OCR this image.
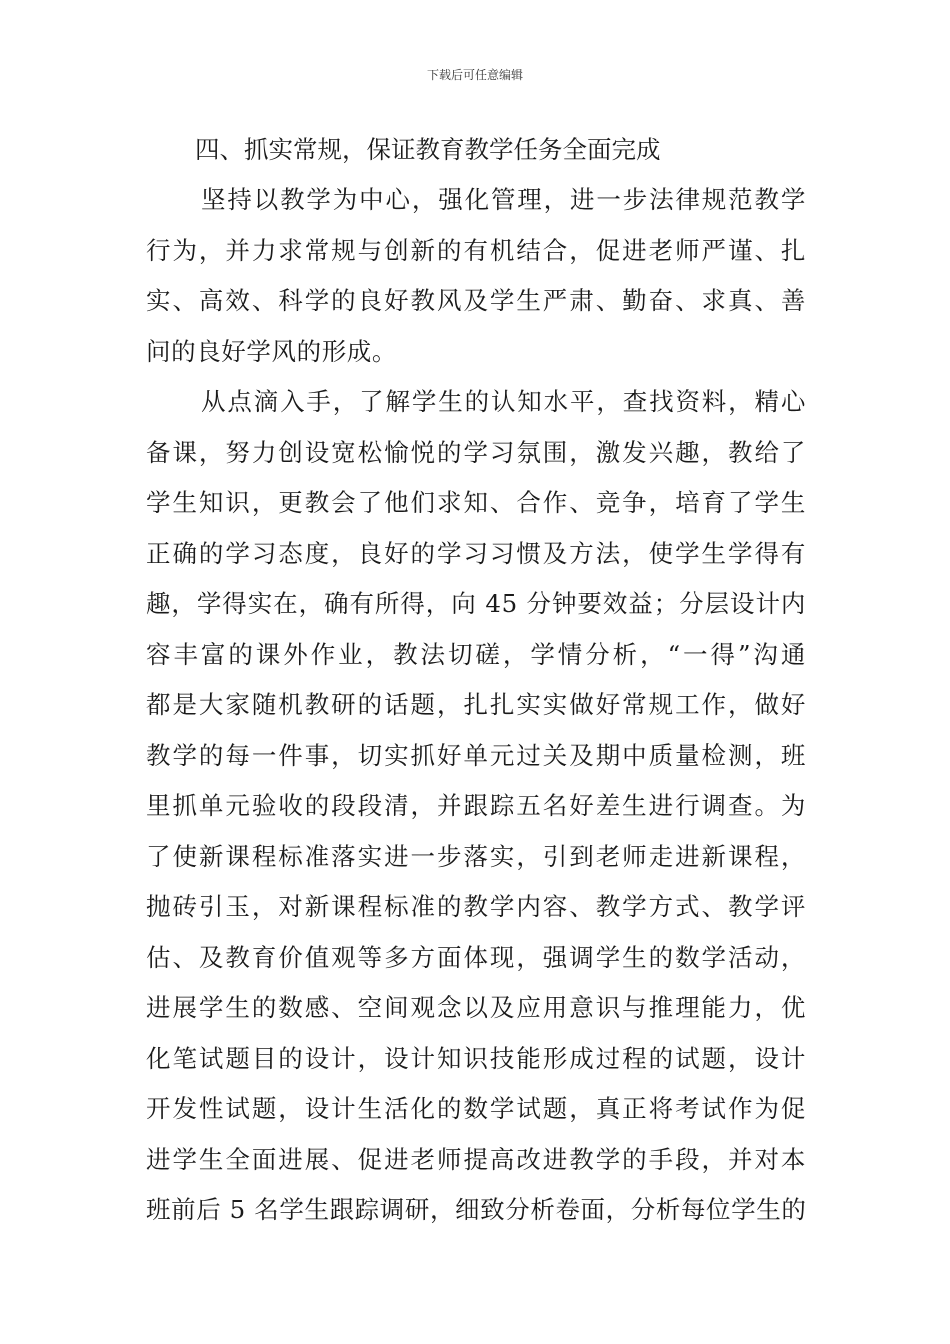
下载后可任意编辑

四、抓实常规，保证教育教学任务全面完成

坚持以教学为中心，强化管理，进一步法律规范教学

行为，并力求常规与创新的有机结合，促进老师严谨、扎

实、高效、科学的良好教风及学生严肃、勤奋、求真、善

问的良好学风的形成。

从点滴入手，了解学生的认知水平，查找资料，精心

备课，努力创设宽松愉悦的学习氛围，激发兴趣，教给了

学生知识，更教会了他们求知、合作、竞争，培育了学生

正确的学习态度，良好的学习习惯及方法，使学生学得有

趣，学得实在，确有所得，向 45 分钟要效益；分层设计内

容丰富的课外作业，教法切磋，学情分析，“一得”沟通

都是大家随机教研的话题，扎扎实实做好常规工作，做好

教学的每一件事，切实抓好单元过关及期中质量检测，班

里抓单元验收的段段清，并跟踪五名好差生进行调查。为

了使新课程标准落实进一步落实，引到老师走进新课程，

抛砖引玉，对新课程标准的教学内容、教学方式、教学评

估、及教育价值观等多方面体现，强调学生的数学活动，

进展学生的数感、空间观念以及应用意识与推理能力，优

化笔试题目的设计，设计知识技能形成过程的试题，设计

开发性试题，设计生活化的数学试题，真正将考试作为促

进学生全面进展、促进老师提高改进教学的手段，并对本

班前后 5 名学生跟踪调研，细致分析卷面，分析每位学生的
